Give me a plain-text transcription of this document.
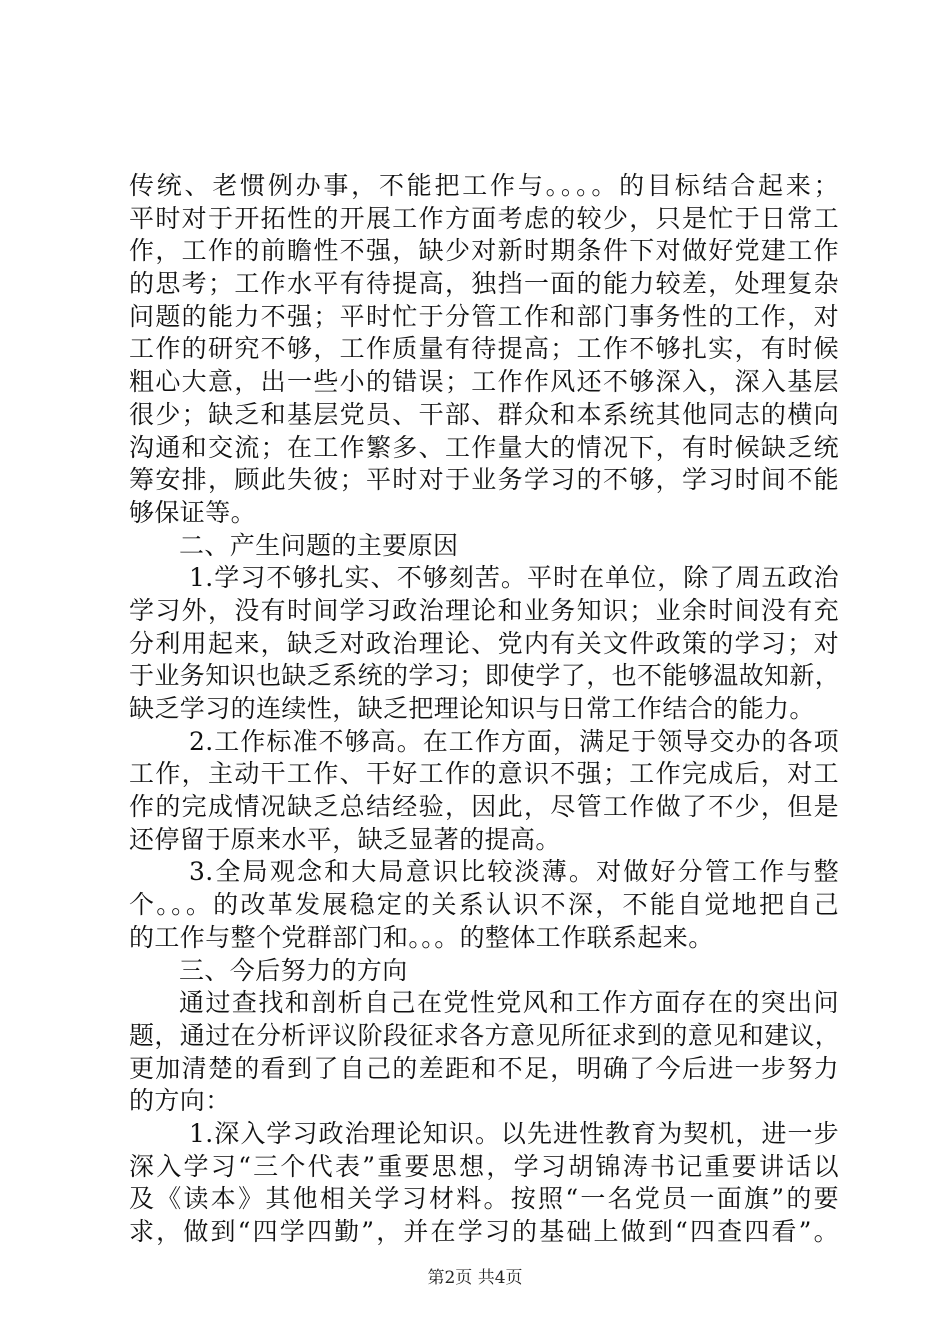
传统、老惯例办事，不能把工作与。。。。的目标结合起来；
平时对于开拓性的开展工作方面考虑的较少，只是忙于日常工
作，工作的前瞻性不强，缺少对新时期条件下对做好党建工作
的思考；工作水平有待提高，独挡一面的能力较差，处理复杂
问题的能力不强；平时忙于分管工作和部门事务性的工作，对
工作的研究不够，工作质量有待提高；工作不够扎实，有时候
粗心大意，出一些小的错误；工作作风还不够深入，深入基层
很少；缺乏和基层党员、干部、群众和本系统其他同志的横向
沟通和交流；在工作繁多、工作量大的情况下，有时候缺乏统
筹安排，顾此失彼；平时对于业务学习的不够，学习时间不能
够保证等。
二、产生问题的主要原因
1.学习不够扎实、不够刻苦。平时在单位，除了周五政治
学习外，没有时间学习政治理论和业务知识；业余时间没有充
分利用起来，缺乏对政治理论、党内有关文件政策的学习；对
于业务知识也缺乏系统的学习；即使学了，也不能够温故知新，
缺乏学习的连续性，缺乏把理论知识与日常工作结合的能力。
2.工作标准不够高。在工作方面，满足于领导交办的各项
工作，主动干工作、干好工作的意识不强；工作完成后，对工
作的完成情况缺乏总结经验，因此，尽管工作做了不少，但是
还停留于原来水平，缺乏显著的提高。
3.全局观念和大局意识比较淡薄。对做好分管工作与整
个。。。的改革发展稳定的关系认识不深，不能自觉地把自己
的工作与整个党群部门和。。。的整体工作联系起来。
三、今后努力的方向
通过查找和剖析自己在党性党风和工作方面存在的突出问
题，通过在分析评议阶段征求各方意见所征求到的意见和建议，
更加清楚的看到了自己的差距和不足，明确了今后进一步努力
的方向：
1.深入学习政治理论知识。以先进性教育为契机，进一步
深入学习“三个代表”重要思想，学习胡锦涛书记重要讲话以
及《读本》其他相关学习材料。按照“一名党员一面旗”的要
求，做到“四学四勤”，并在学习的基础上做到“四查四看”。
第2页 共4页
